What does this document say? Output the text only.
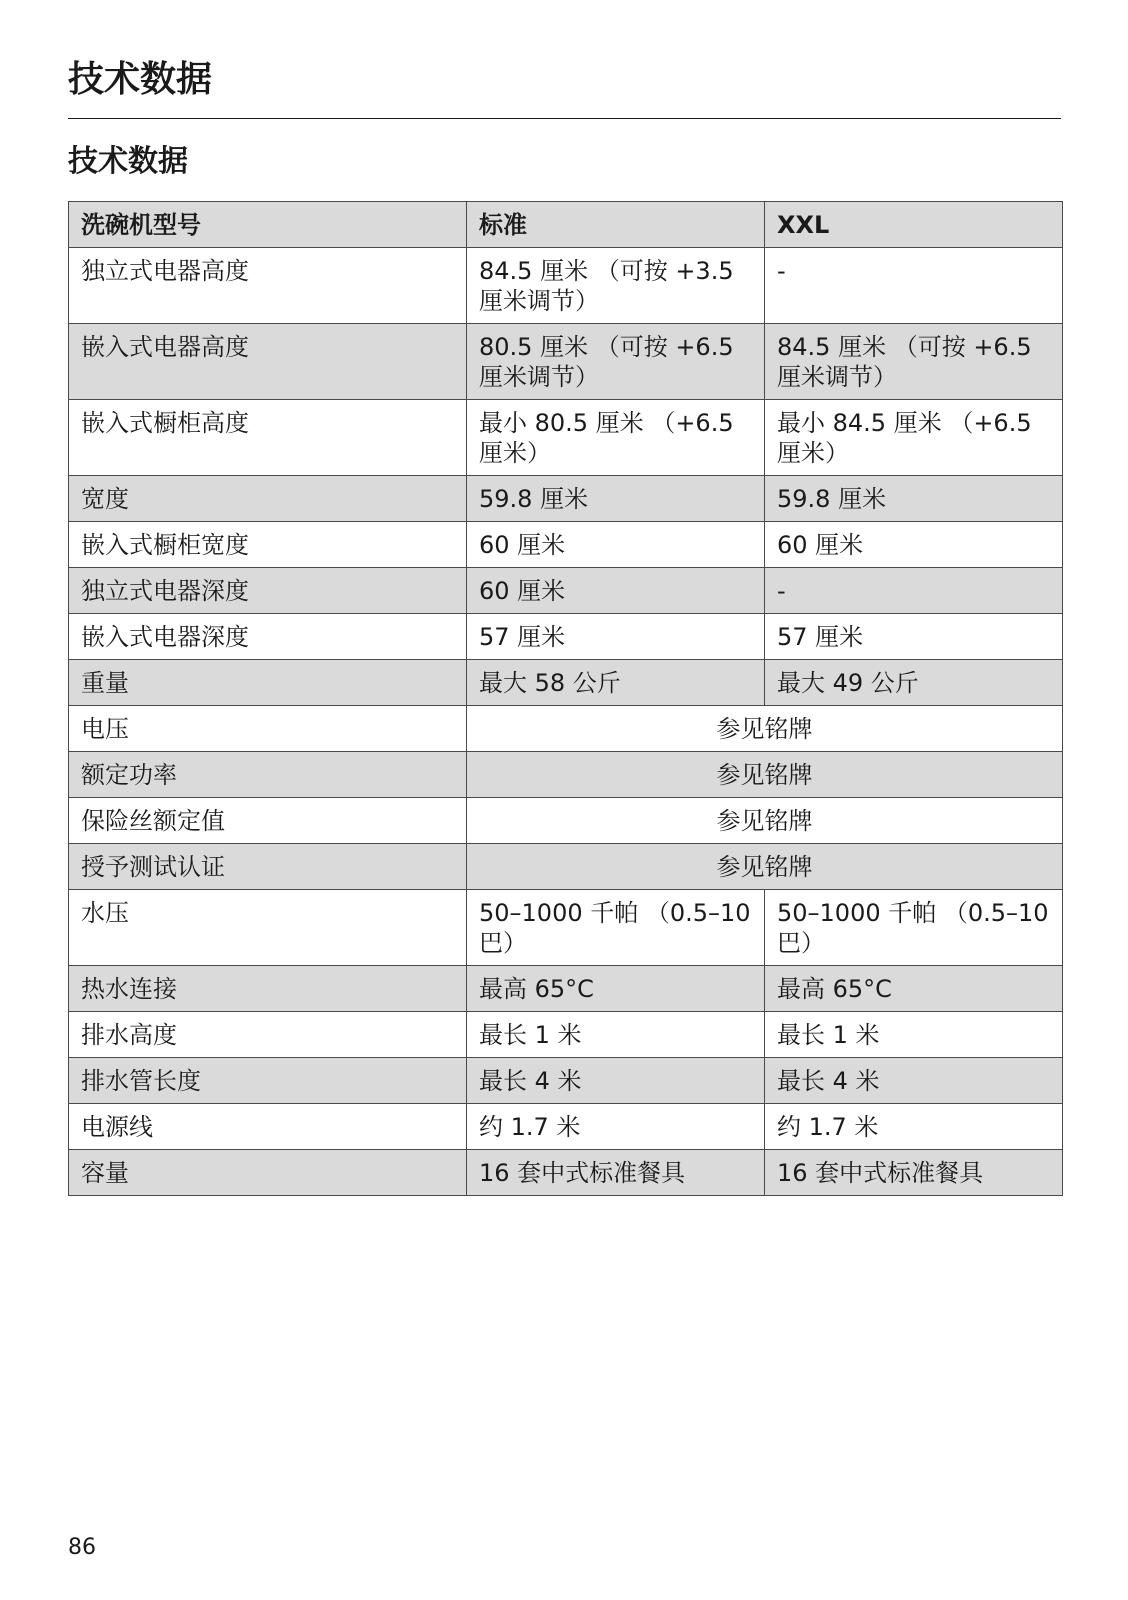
技术数据
技术数据
洗碗机型号	标准	XXL
独立式电器高度	84.5 厘米 （可按 +3.5 厘米调节）	-
嵌入式电器高度	80.5 厘米 （可按 +6.5 厘米调节）	84.5 厘米 （可按 +6.5 厘米调节）
嵌入式橱柜高度	最小 80.5 厘米 （+6.5 厘米）	最小 84.5 厘米 （+6.5 厘米）
宽度	59.8 厘米	59.8 厘米
嵌入式橱柜宽度	60 厘米	60 厘米
独立式电器深度	60 厘米	-
嵌入式电器深度	57 厘米	57 厘米
重量	最大 58 公斤	最大 49 公斤
电压	参见铭牌	
额定功率	参见铭牌	
保险丝额定值	参见铭牌	
授予测试认证	参见铭牌	
水压	50–1000 千帕 （0.5–10 巴）	50–1000 千帕 （0.5–10 巴）
热水连接	最高 65°C	最高 65°C
排水高度	最长 1 米	最长 1 米
排水管长度	最长 4 米	最长 4 米
电源线	约 1.7 米	约 1.7 米
容量	16 套中式标准餐具	16 套中式标准餐具
86
